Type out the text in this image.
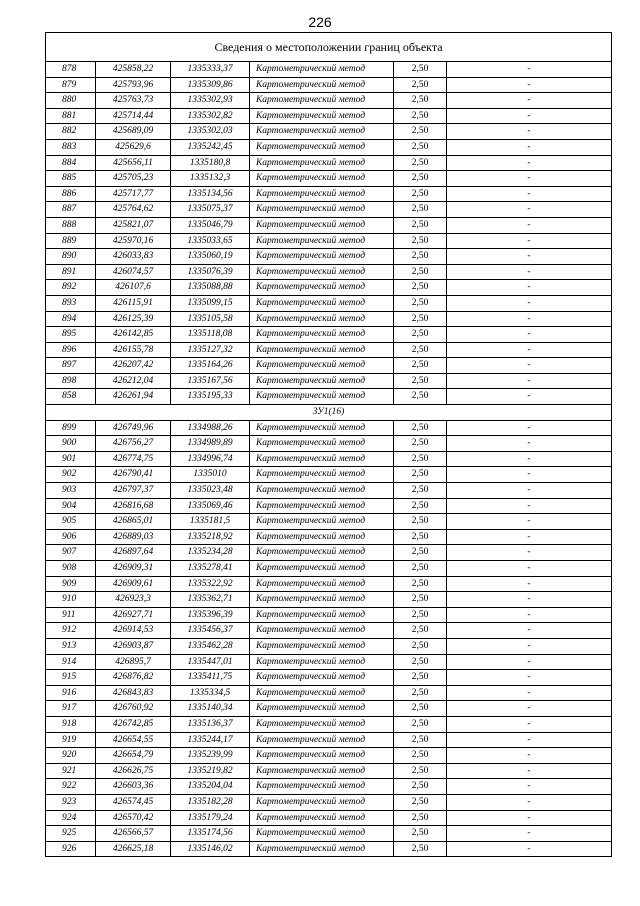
226
Сведения о местоположении границ объекта					
878	425858,22	1335333,37	Картометрический метод	2,50	-
879	425793,96	1335309,86	Картометрический метод	2,50	-
880	425763,73	1335302,93	Картометрический метод	2,50	-
881	425714,44	1335302,82	Картометрический метод	2,50	-
882	425689,09	1335302,03	Картометрический метод	2,50	-
883	425629,6	1335242,45	Картометрический метод	2,50	-
884	425656,11	1335180,8	Картометрический метод	2,50	-
885	425705,23	1335132,3	Картометрический метод	2,50	-
886	425717,77	1335134,56	Картометрический метод	2,50	-
887	425764,62	1335075,37	Картометрический метод	2,50	-
888	425821,07	1335046,79	Картометрический метод	2,50	-
889	425970,16	1335033,65	Картометрический метод	2,50	-
890	426033,83	1335060,19	Картометрический метод	2,50	-
891	426074,57	1335076,39	Картометрический метод	2,50	-
892	426107,6	1335088,88	Картометрический метод	2,50	-
893	426115,91	1335099,15	Картометрический метод	2,50	-
894	426125,39	1335105,58	Картометрический метод	2,50	-
895	426142,85	1335118,08	Картометрический метод	2,50	-
896	426155,78	1335127,32	Картометрический метод	2,50	-
897	426207,42	1335164,26	Картометрический метод	2,50	-
898	426212,04	1335167,56	Картометрический метод	2,50	-
858	426261,94	1335195,33	Картометрический метод	2,50	-
ЗУ1(16)					
899	426749,96	1334988,26	Картометрический метод	2,50	-
900	426756,27	1334989,89	Картометрический метод	2,50	-
901	426774,75	1334996,74	Картометрический метод	2,50	-
902	426790,41	1335010	Картометрический метод	2,50	-
903	426797,37	1335023,48	Картометрический метод	2,50	-
904	426816,68	1335069,46	Картометрический метод	2,50	-
905	426865,01	1335181,5	Картометрический метод	2,50	-
906	426889,03	1335218,92	Картометрический метод	2,50	-
907	426897,64	1335234,28	Картометрический метод	2,50	-
908	426909,31	1335278,41	Картометрический метод	2,50	-
909	426909,61	1335322,92	Картометрический метод	2,50	-
910	426923,3	1335362,71	Картометрический метод	2,50	-
911	426927,71	1335396,39	Картометрический метод	2,50	-
912	426914,53	1335456,37	Картометрический метод	2,50	-
913	426903,87	1335462,28	Картометрический метод	2,50	-
914	426895,7	1335447,01	Картометрический метод	2,50	-
915	426876,82	1335411,75	Картометрический метод	2,50	-
916	426843,83	1335334,5	Картометрический метод	2,50	-
917	426760,92	1335140,34	Картометрический метод	2,50	-
918	426742,85	1335136,37	Картометрический метод	2,50	-
919	426654,55	1335244,17	Картометрический метод	2,50	-
920	426654,79	1335239,99	Картометрический метод	2,50	-
921	426626,75	1335219,82	Картометрический метод	2,50	-
922	426603,36	1335204,04	Картометрический метод	2,50	-
923	426574,45	1335182,28	Картометрический метод	2,50	-
924	426570,42	1335179,24	Картометрический метод	2,50	-
925	426566,57	1335174,56	Картометрический метод	2,50	-
926	426625,18	1335146,02	Картометрический метод	2,50	-
